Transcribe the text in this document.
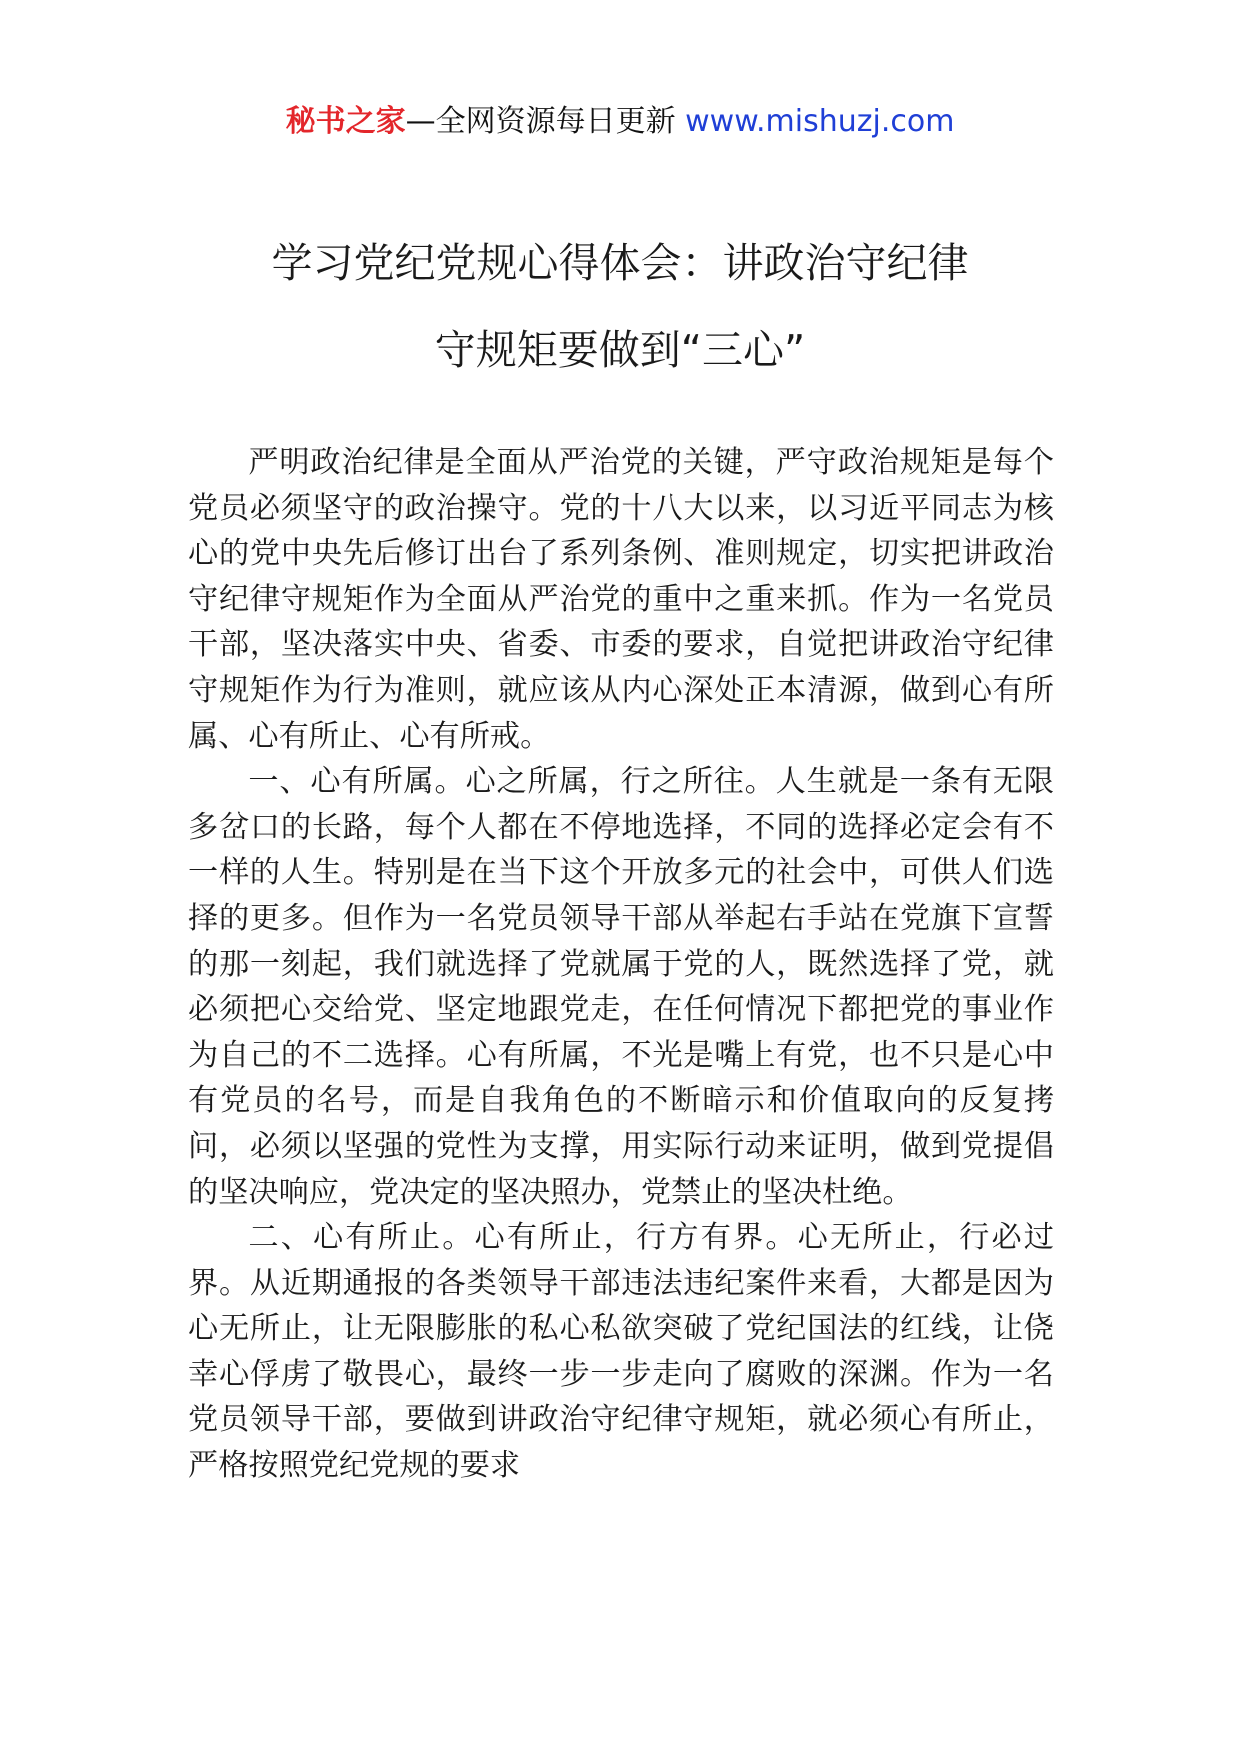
秘书之家—全网资源每日更新 www.mishuzj.com
学习党纪党规心得体会：讲政治守纪律
守规矩要做到“三心”

严明政治纪律是全面从严治党的关键，严守政治规矩是每个党员必须坚守的政治操守。党的十八大以来，以习近平同志为核心的党中央先后修订出台了系列条例、准则规定，切实把讲政治守纪律守规矩作为全面从严治党的重中之重来抓。作为一名党员干部，坚决落实中央、省委、市委的要求，自觉把讲政治守纪律守规矩作为行为准则，就应该从内心深处正本清源，做到心有所属、心有所止、心有所戒。

一、心有所属。心之所属，行之所往。人生就是一条有无限多岔口的长路，每个人都在不停地选择，不同的选择必定会有不一样的人生。特别是在当下这个开放多元的社会中，可供人们选择的更多。但作为一名党员领导干部从举起右手站在党旗下宣誓的那一刻起，我们就选择了党就属于党的人，既然选择了党，就必须把心交给党、坚定地跟党走，在任何情况下都把党的事业作为自己的不二选择。心有所属，不光是嘴上有党，也不只是心中有党员的名号，而是自我角色的不断暗示和价值取向的反复拷问，必须以坚强的党性为支撑，用实际行动来证明，做到党提倡的坚决响应，党决定的坚决照办，党禁止的坚决杜绝。

二、心有所止。心有所止，行方有界。心无所止，行必过界。从近期通报的各类领导干部违法违纪案件来看，大都是因为心无所止，让无限膨胀的私心私欲突破了党纪国法的红线，让侥幸心俘虏了敬畏心，最终一步一步走向了腐败的深渊。作为一名党员领导干部，要做到讲政治守纪律守规矩，就必须心有所止，严格按照党纪党规的要求
